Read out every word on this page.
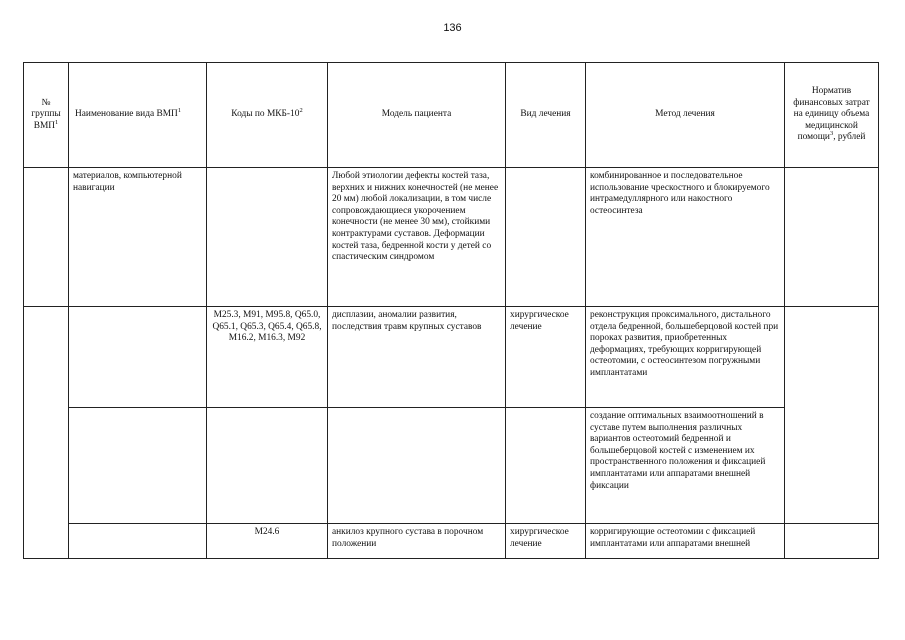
136
№ группы ВМП$^1$	Наименование вида ВМП$^1$	Коды по МКБ-$10^2$	Модель пациента	Вид лечения	Метод лечения	Норматив финансовых затрат на единицу объема медицинской помощи$^3$, рублей
	материалов, компьютерной навигации		Любой этиологии дефекты костей таза, верхних и нижних конечностей (не менее 20 мм) любой локализации, в том числе сопровождающиеся укорочением конечности (не менее 30 мм), стойкими контрактурами суставов. Деформации костей таза, бедренной кости у детей со спастическим синдромом		комбинированное и последовательное использование чрескостного и блокируемого интрамедуллярного или накостного остеосинтеза	
		M25.3, M91, M95.8, Q65.0, Q65.1, Q65.3, Q65.4, Q65.8, M16.2, M16.3, M92	дисплазии, аномалии развития, последствия травм крупных суставов	хирургическое лечение	реконструкция проксимального, дистального отдела бедренной, большеберцовой костей при пороках развития, приобретенных деформациях, требующих корригирующей остеотомии, с остеосинтезом погружными имплантатами	
					создание оптимальных взаимоотношений в суставе путем выполнения различных вариантов остеотомий бедренной и большеберцовой костей с изменением их пространственного положения и фиксацией имплантатами или аппаратами внешней фиксации	
		M24.6	анкилоз крупного сустава в порочном положении	хирургическое лечение	корригирующие остеотомии с фиксацией имплантатами или аппаратами внешней	
